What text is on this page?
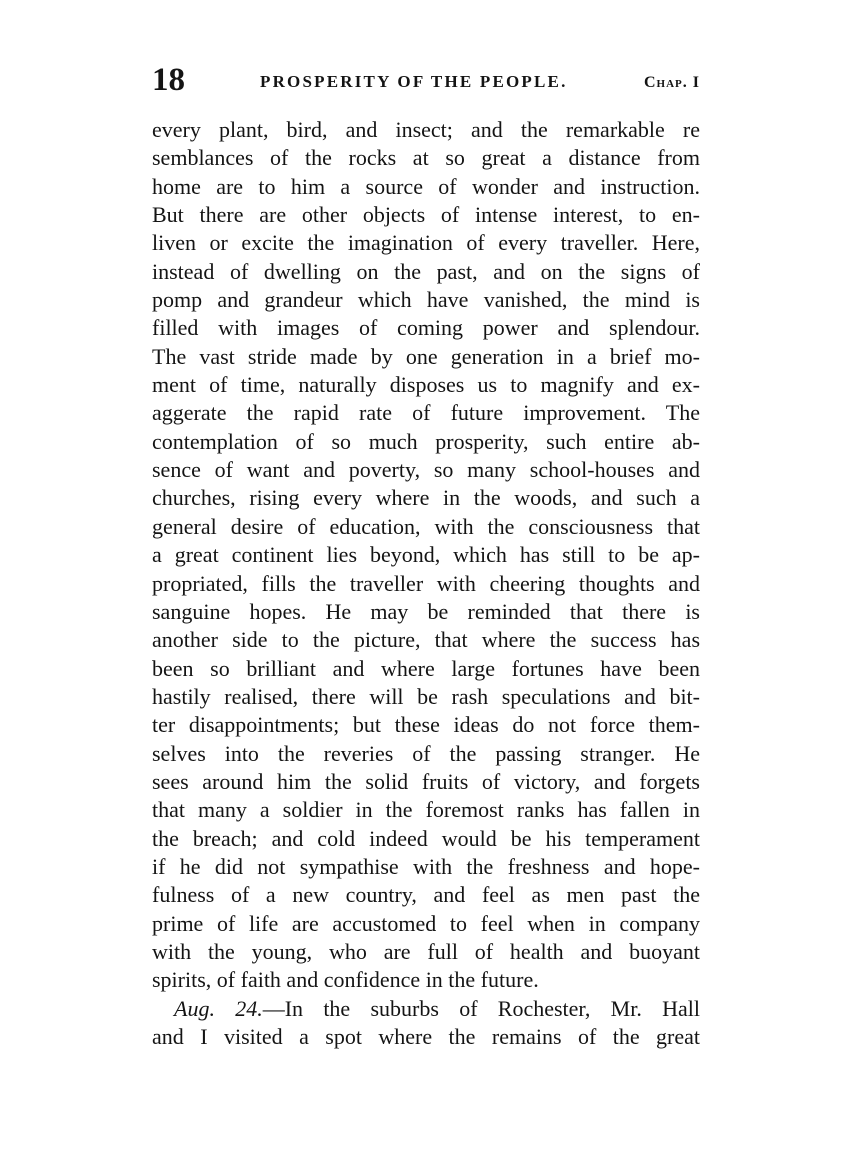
18	PROSPERITY OF THE PEOPLE.	Chap. I
every plant, bird, and insect; and the remarkable re
semblances of the rocks at so great a distance from
home are to him a source of wonder and instruction.
But there are other objects of intense interest, to en-
liven or excite the imagination of every traveller. Here,
instead of dwelling on the past, and on the signs of
pomp and grandeur which have vanished, the mind is
filled with images of coming power and splendour.
The vast stride made by one generation in a brief mo-
ment of time, naturally disposes us to magnify and ex-
aggerate the rapid rate of future improvement. The
contemplation of so much prosperity, such entire ab-
sence of want and poverty, so many school-houses and
churches, rising every where in the woods, and such a
general desire of education, with the consciousness that
a great continent lies beyond, which has still to be ap-
propriated, fills the traveller with cheering thoughts and
sanguine hopes. He may be reminded that there is
another side to the picture, that where the success has
been so brilliant and where large fortunes have been
hastily realised, there will be rash speculations and bit-
ter disappointments; but these ideas do not force them-
selves into the reveries of the passing stranger. He
sees around him the solid fruits of victory, and forgets
that many a soldier in the foremost ranks has fallen in
the breach; and cold indeed would be his temperament
if he did not sympathise with the freshness and hope-
fulness of a new country, and feel as men past the
prime of life are accustomed to feel when in company
with the young, who are full of health and buoyant
spirits, of faith and confidence in the future.
Aug. 24.—In the suburbs of Rochester, Mr. Hall
and I visited a spot where the remains of the great
